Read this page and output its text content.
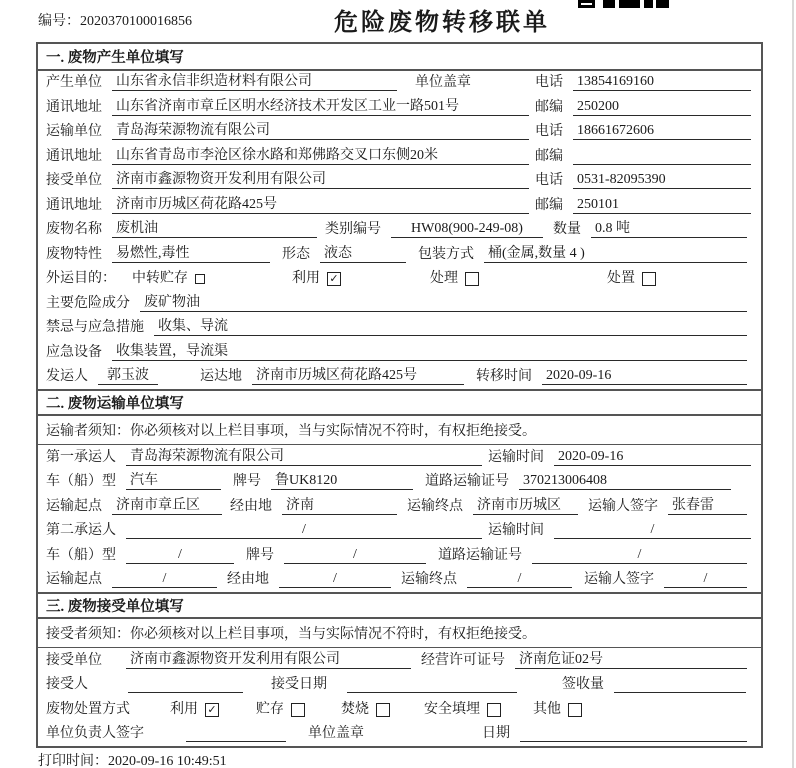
编号：2020370100016856	危险废物转移联单
一. 废物产生单位填写
产生单位 山东省永信非织造材料有限公司	单位盖章	电话 13854169160
通讯地址 山东省济南市章丘区明水经济技术开发区工业一路501号	邮编 250200
运输单位 青岛海荣源物流有限公司	电话 18661672606
通讯地址 山东省青岛市李沧区徐水路和郑佛路交叉口东侧20米	邮编
接受单位 济南市鑫源物资开发利用有限公司	电话 0531-82095390
通讯地址 济南市历城区荷花路425号	邮编 250101
废物名称 废机油	类别编号	HW08(900-249-08)	数量 0.8 吨
废物特性 易燃性,毒性	形态 液态	包装方式 桶(金属,数量 4 )
外运目的： 中转贮存	利用 ✓	处理	处置
主要危险成分 废矿物油
禁忌与应急措施 收集、导流
应急设备 收集装置，导流渠
发运人	郭玉波	运达地 济南市历城区荷花路425号	转移时间 2020-09-16
二. 废物运输单位填写
运输者须知：你必须核对以上栏目事项，当与实际情况不符时，有权拒绝接受。
第一承运人 青岛海荣源物流有限公司	运输时间 2020-09-16
车（船）型 汽车	牌号 鲁UK8120	道路运输证号 370213006408
运输起点 济南市章丘区	经由地 济南	运输终点 济南市历城区	运输人签字 张春雷
第二承运人	/	运输时间	/
车（船）型	/	牌号	/	道路运输证号	/
运输起点	/	经由地	/	运输终点	/	运输人签字	/
三. 废物接受单位填写
接受者须知：你必须核对以上栏目事项，当与实际情况不符时，有权拒绝接受。
接受单位 济南市鑫源物资开发利用有限公司	经营许可证号 济南危证02号
接受人	接受日期	签收量
废物处置方式	利用 ✓	贮存	焚烧	安全填埋	其他
单位负责人签字	单位盖章	日期
打印时间：2020-09-16 10:49:51
